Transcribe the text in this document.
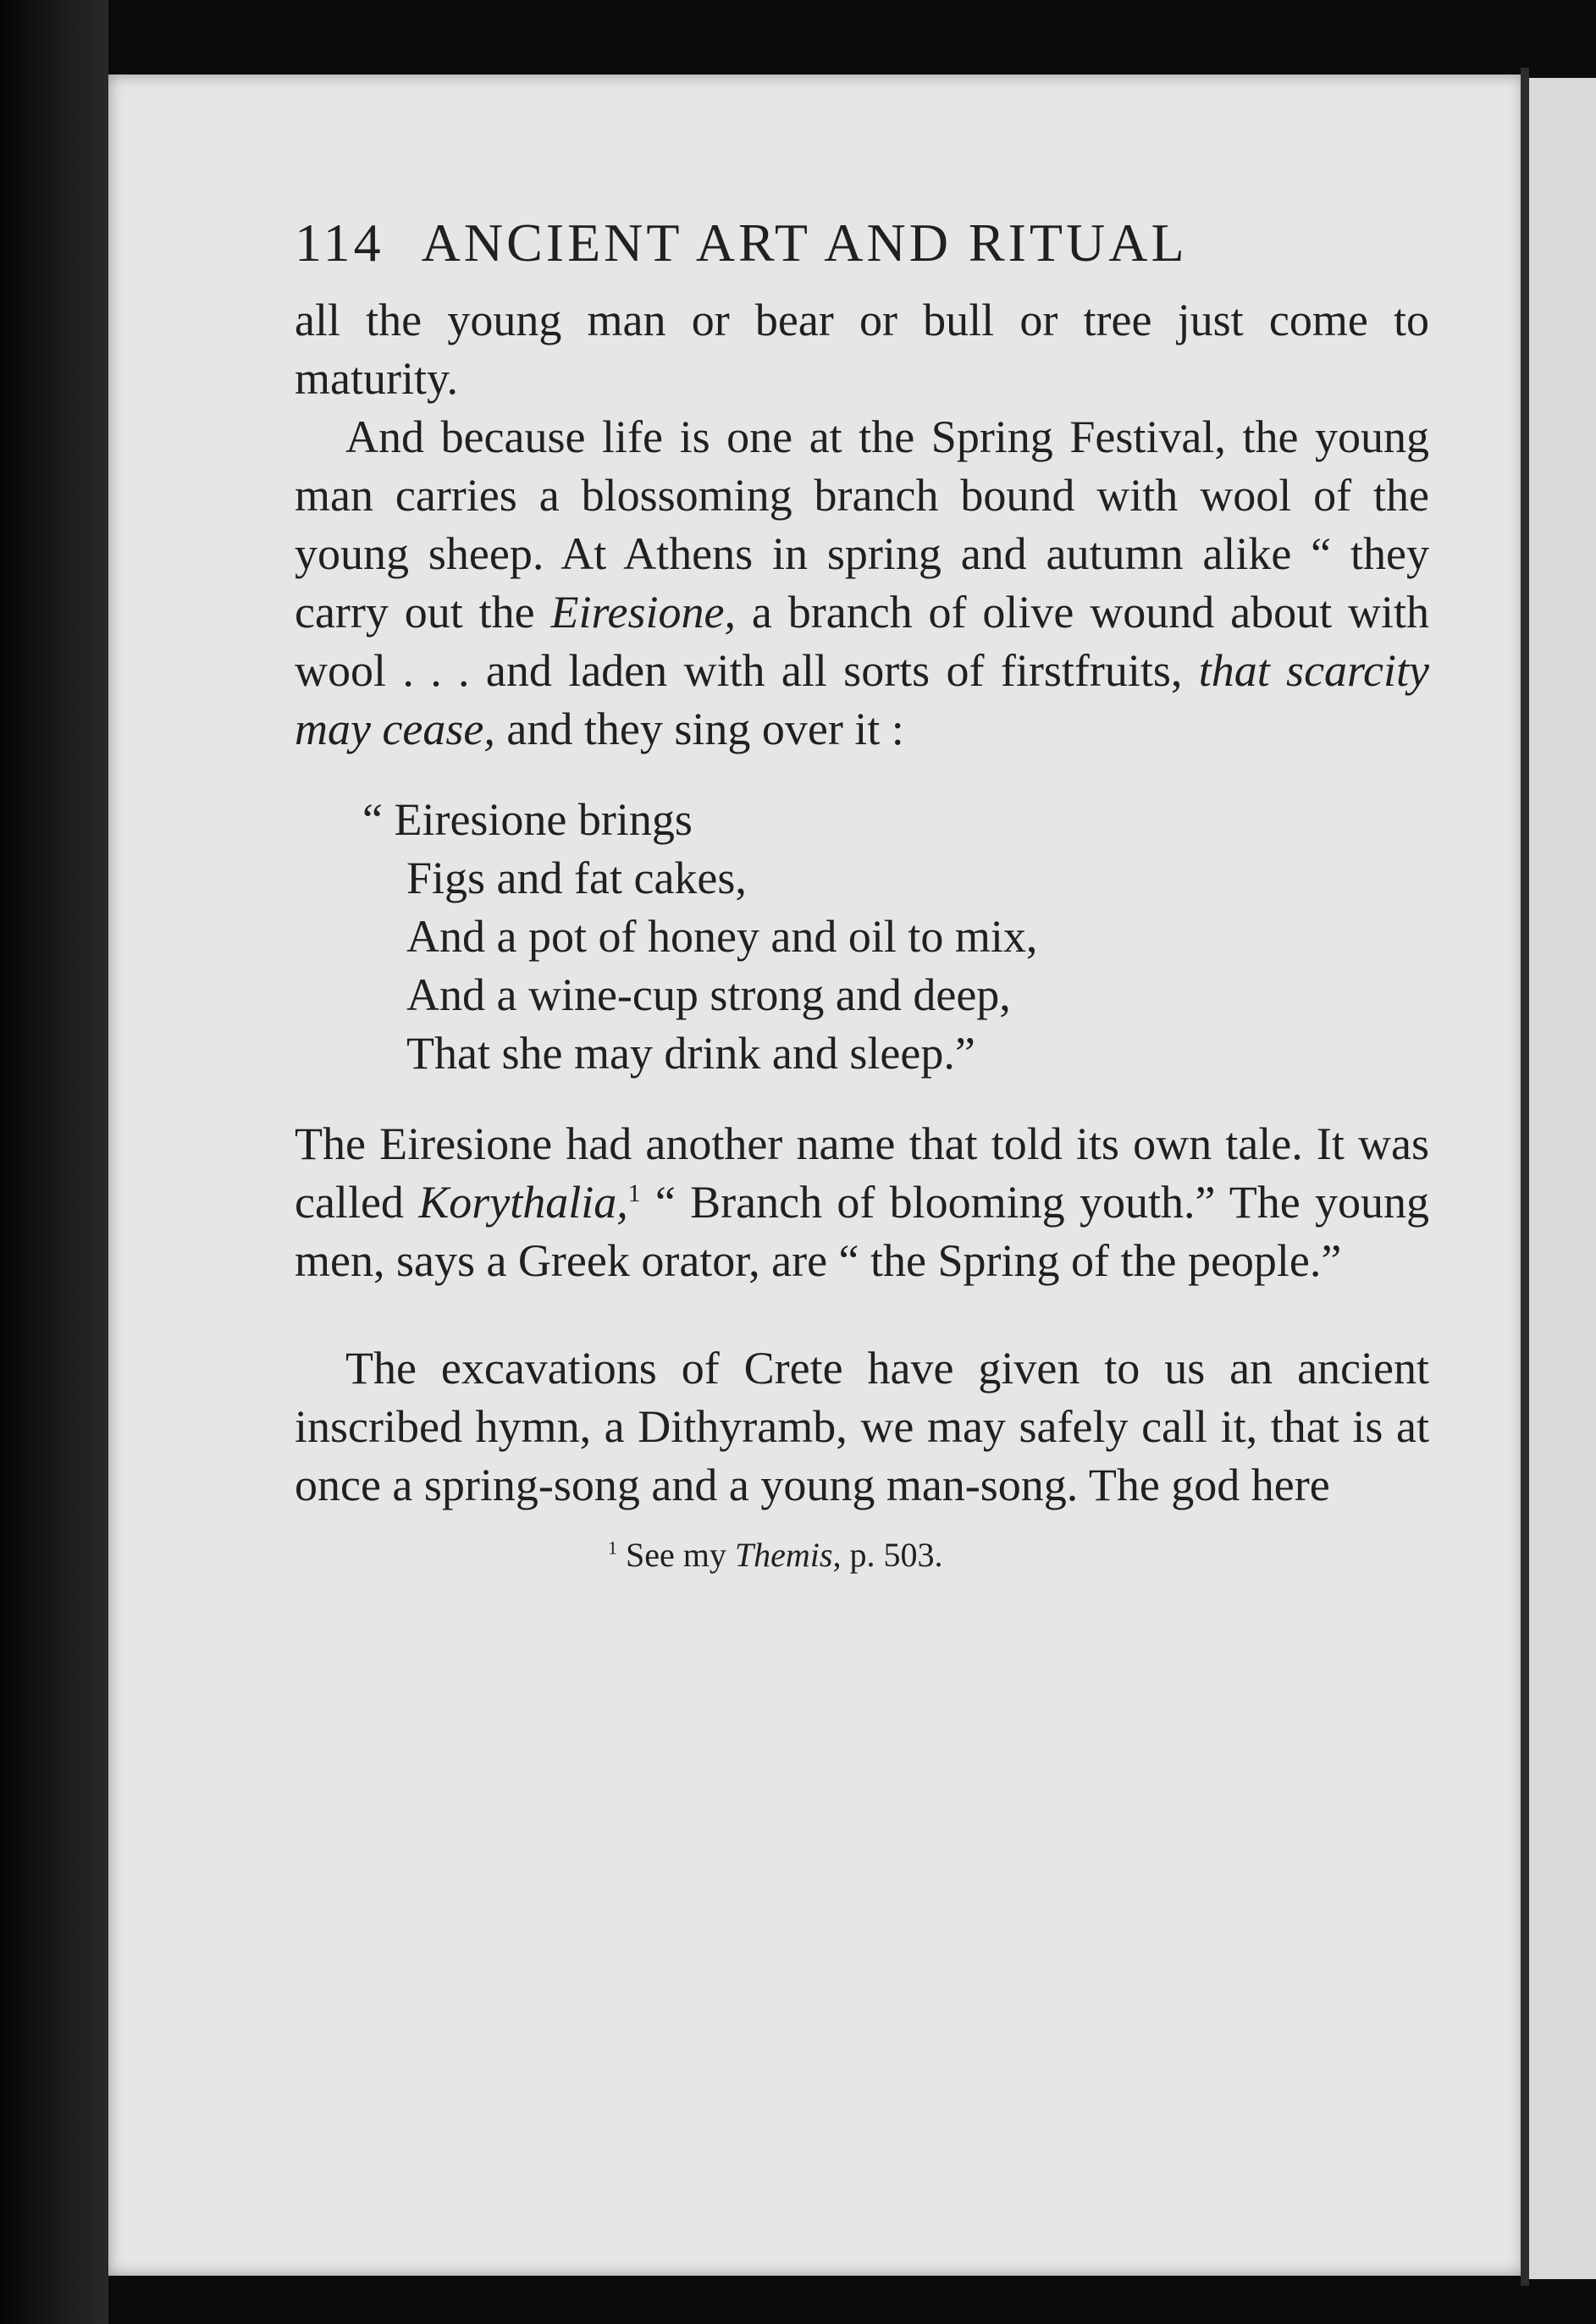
114 ANCIENT ART AND RITUAL

all the young man or bear or bull or tree just come to maturity.

And because life is one at the Spring Festival, the young man carries a blossoming branch bound with wool of the young sheep. At Athens in spring and autumn alike “ they carry out the Eiresione, a branch of olive wound about with wool . . . and laden with all sorts of firstfruits, that scarcity may cease, and they sing over it :

“ Eiresione brings
Figs and fat cakes,
And a pot of honey and oil to mix,
And a wine-cup strong and deep,
That she may drink and sleep.”

The Eiresione had another name that told its own tale. It was called Korythalia,$^1$ “ Branch of blooming youth.” The young men, says a Greek orator, are “ the Spring of the people.”

The excavations of Crete have given to us an ancient inscribed hymn, a Dithyramb, we may safely call it, that is at once a spring-song and a young man-song. The god here

$^1$ See my Themis, p. 503.
